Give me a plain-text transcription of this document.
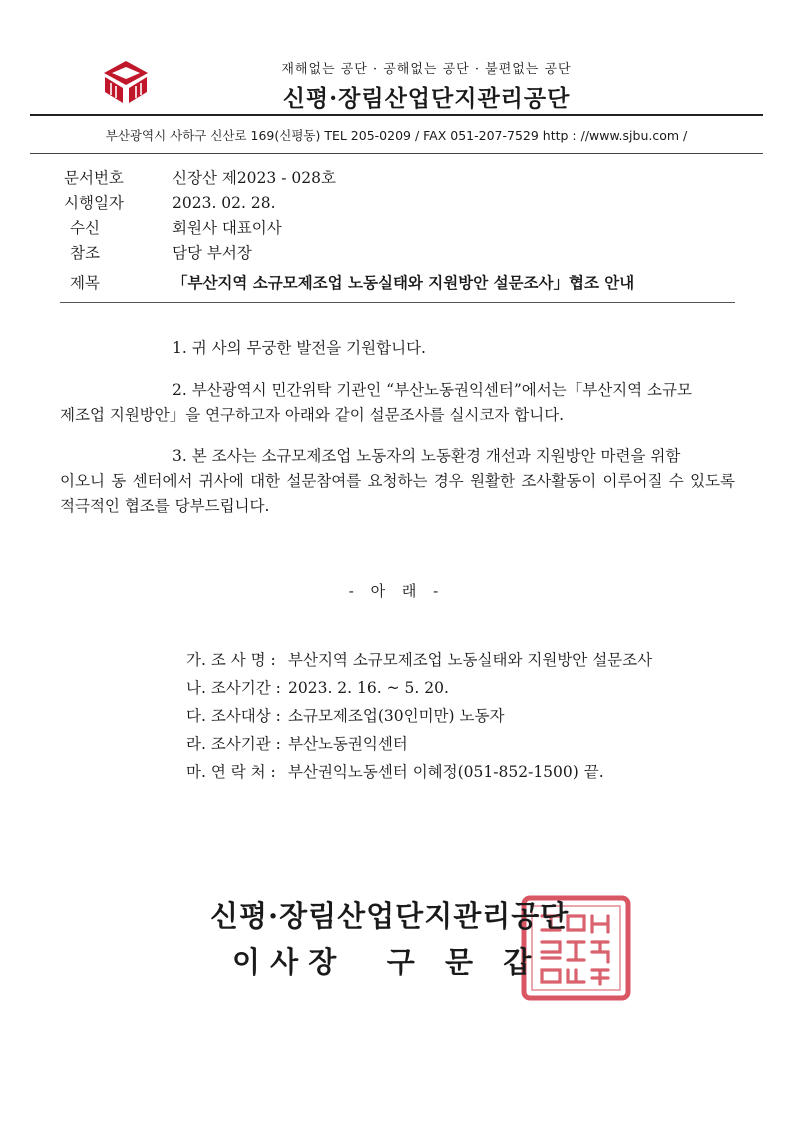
재해없는 공단 · 공해없는 공단 · 불편없는 공단
신평·장림산업단지관리공단
부산광역시 사하구 신산로 169(신평동) TEL 205-0209 / FAX 051-207-7529 http : //www.sjbu.com /
문서번호	신장산 제2023 - 028호
시행일자	2023. 02. 28.
수신	회원사 대표이사
참조	담당 부서장
제목	「부산지역 소규모제조업 노동실태와 지원방안 설문조사」협조 안내
1. 귀 사의 무궁한 발전을 기원합니다.
2. 부산광역시 민간위탁 기관인 “부산노동권익센터”에서는「부산지역 소규모
제조업 지원방안」을 연구하고자 아래와 같이 설문조사를 실시코자 합니다.
3. 본 조사는 소규모제조업 노동자의 노동환경 개선과 지원방안 마련을 위함
이오니 동 센터에서 귀사에 대한 설문참여를 요청하는 경우 원활한 조사활동이 이루어질 수 있도록 적극적인 협조를 당부드립니다.
- 아 래 -
가. 조 사 명 : 부산지역 소규모제조업 노동실태와 지원방안 설문조사
나. 조사기간 : 2023. 2. 16. ~ 5. 20.
다. 조사대상 : 소규모제조업(30인미만) 노동자
라. 조사기관 : 부산노동권익센터
마. 연 락 처 : 부산권익노동센터 이혜정(051-852-1500) 끝.
신평·장림산업단지관리공단
이 사 장     구   문   갑
